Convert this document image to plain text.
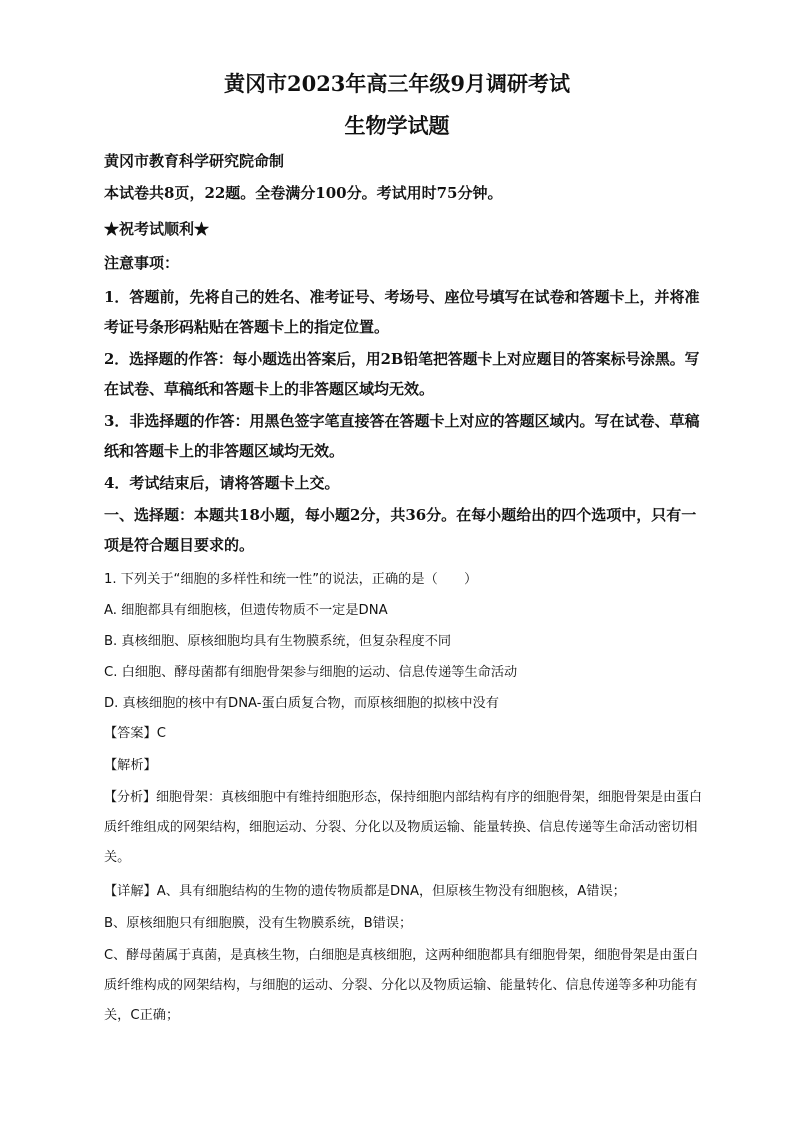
黄冈市2023年高三年级9月调研考试
生物学试题
黄冈市教育科学研究院命制
本试卷共8页，22题。全卷满分100分。考试用时75分钟。
★祝考试顺利★
注意事项：
1．答题前，先将自己的姓名、准考证号、考场号、座位号填写在试卷和答题卡上，并将准
考证号条形码粘贴在答题卡上的指定位置。
2．选择题的作答：每小题选出答案后，用2B铅笔把答题卡上对应题目的答案标号涂黑。写
在试卷、草稿纸和答题卡上的非答题区域均无效。
3．非选择题的作答：用黑色签字笔直接答在答题卡上对应的答题区域内。写在试卷、草稿
纸和答题卡上的非答题区域均无效。
4．考试结束后，请将答题卡上交。
一、选择题：本题共18小题，每小题2分，共36分。在每小题给出的四个选项中，只有一
项是符合题目要求的。
1. 下列关于“细胞的多样性和统一性”的说法，正确的是（　　）
A. 细胞都具有细胞核，但遗传物质不一定是DNA
B. 真核细胞、原核细胞均具有生物膜系统，但复杂程度不同
C. 白细胞、酵母菌都有细胞骨架参与细胞的运动、信息传递等生命活动
D. 真核细胞的核中有DNA-蛋白质复合物，而原核细胞的拟核中没有
【答案】C
【解析】
【分析】细胞骨架：真核细胞中有维持细胞形态，保持细胞内部结构有序的细胞骨架，细胞骨架是由蛋白
质纤维组成的网架结构，细胞运动、分裂、分化以及物质运输、能量转换、信息传递等生命活动密切相
关。
【详解】A、具有细胞结构的生物的遗传物质都是DNA，但原核生物没有细胞核，A错误；
B、原核细胞只有细胞膜，没有生物膜系统，B错误；
C、酵母菌属于真菌，是真核生物，白细胞是真核细胞，这两种细胞都具有细胞骨架，细胞骨架是由蛋白
质纤维构成的网架结构，与细胞的运动、分裂、分化以及物质运输、能量转化、信息传递等多种功能有
关，C正确；
